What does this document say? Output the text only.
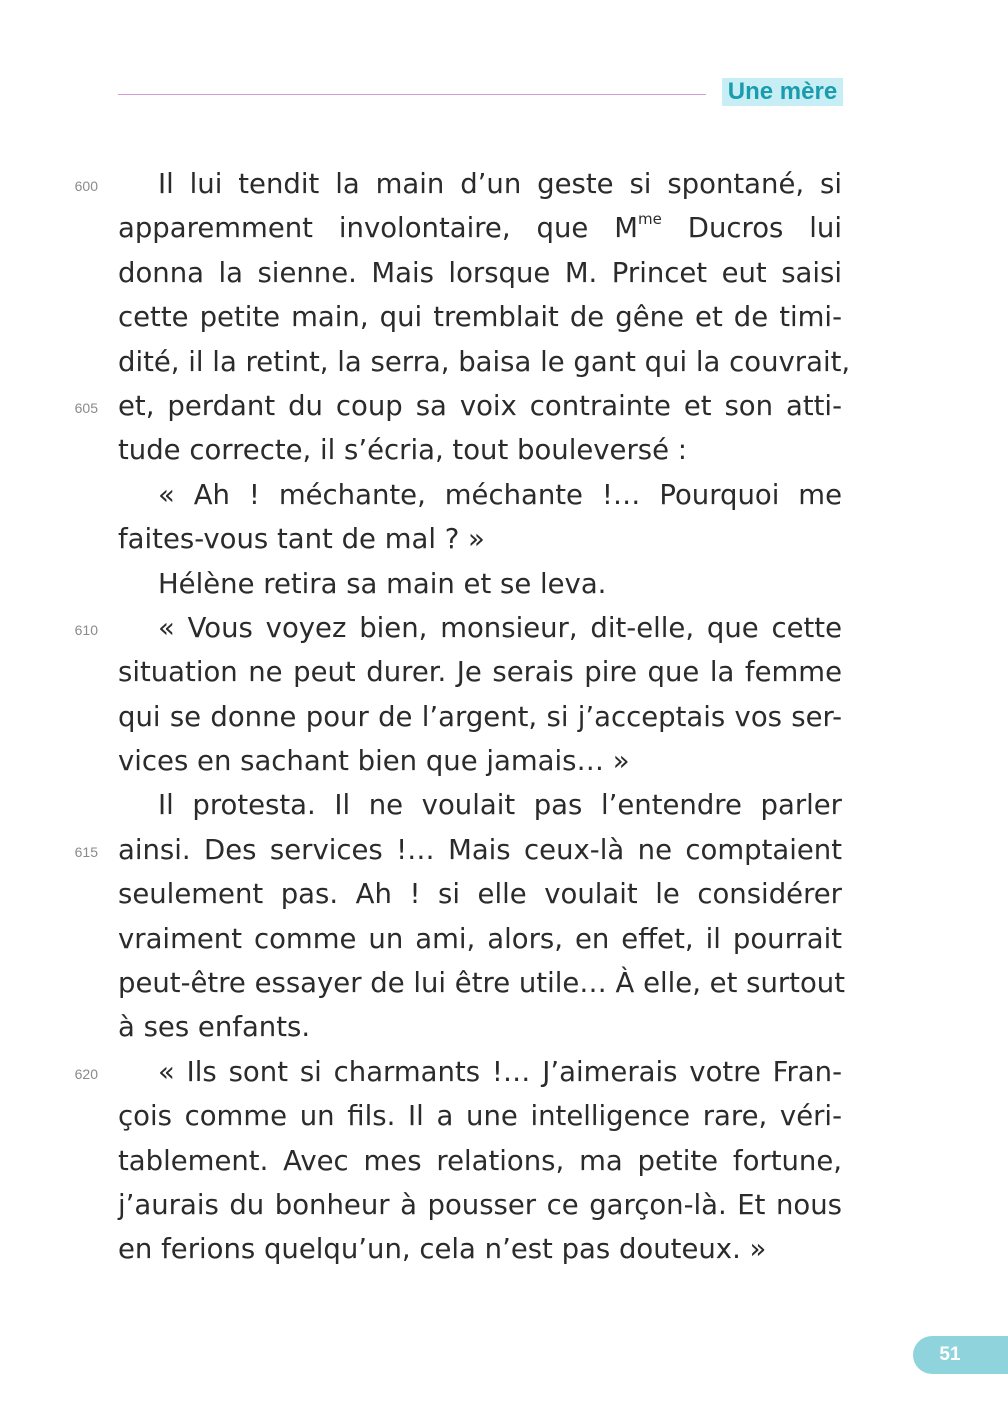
Une mère
600
605
610
615
620
Il lui tendit la main d’un geste si spontané, si
apparemment involontaire, que $M^{me}$ Ducros lui
donna la sienne. Mais lorsque M. Princet eut saisi
cette petite main, qui tremblait de gêne et de timi-
dité, il la retint, la serra, baisa le gant qui la couvrait,
et, perdant du coup sa voix contrainte et son atti-
tude correcte, il s’écria, tout bouleversé :
« Ah ! méchante, méchante !… Pourquoi me
faites-vous tant de mal ? »
Hélène retira sa main et se leva.
« Vous voyez bien, monsieur, dit-elle, que cette
situation ne peut durer. Je serais pire que la femme
qui se donne pour de l’argent, si j’acceptais vos ser-
vices en sachant bien que jamais… »
Il protesta. Il ne voulait pas l’entendre parler
ainsi. Des services !… Mais ceux-là ne comptaient
seulement pas. Ah ! si elle voulait le considérer
vraiment comme un ami, alors, en effet, il pourrait
peut-être essayer de lui être utile… À elle, et surtout
à ses enfants.
« Ils sont si charmants !… J’aimerais votre Fran-
çois comme un fils. Il a une intelligence rare, véri-
tablement. Avec mes relations, ma petite fortune,
j’aurais du bonheur à pousser ce garçon-là. Et nous
en ferions quelqu’un, cela n’est pas douteux. »
51
